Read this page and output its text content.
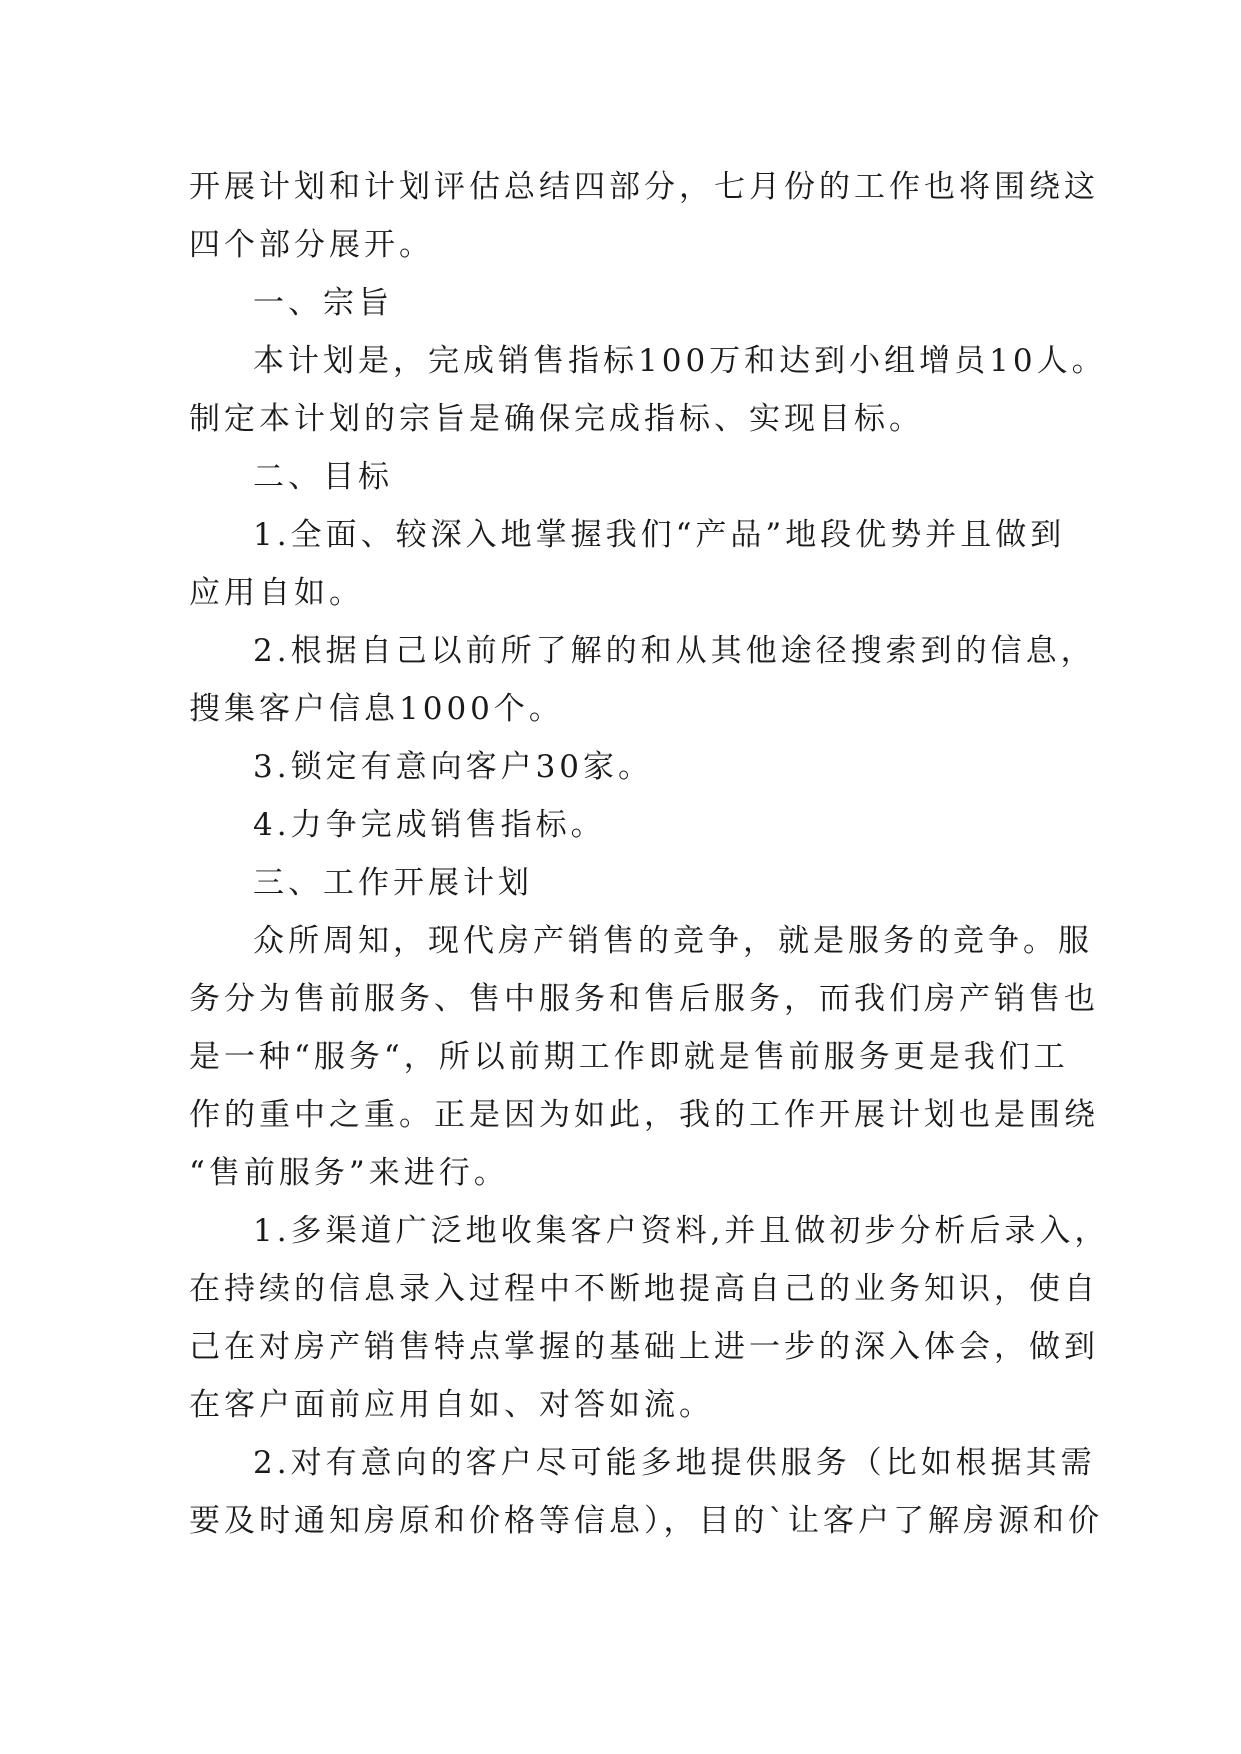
开展计划和计划评估总结四部分，七月份的工作也将围绕这
四个部分展开。
一、宗旨
本计划是，完成销售指标100万和达到小组增员10人。
制定本计划的宗旨是确保完成指标、实现目标。
二、目标
1.全面、较深入地掌握我们“产品”地段优势并且做到
应用自如。
2.根据自己以前所了解的和从其他途径搜索到的信息，
搜集客户信息1000个。
3.锁定有意向客户30家。
4.力争完成销售指标。
三、工作开展计划
众所周知，现代房产销售的竞争，就是服务的竞争。服
务分为售前服务、售中服务和售后服务，而我们房产销售也
是一种“服务“，所以前期工作即就是售前服务更是我们工
作的重中之重。正是因为如此，我的工作开展计划也是围绕
“售前服务”来进行。
1.多渠道广泛地收集客户资料,并且做初步分析后录入，
在持续的信息录入过程中不断地提高自己的业务知识，使自
己在对房产销售特点掌握的基础上进一步的深入体会，做到
在客户面前应用自如、对答如流。
2.对有意向的客户尽可能多地提供服务（比如根据其需
要及时通知房原和价格等信息），目的`让客户了解房源和价
